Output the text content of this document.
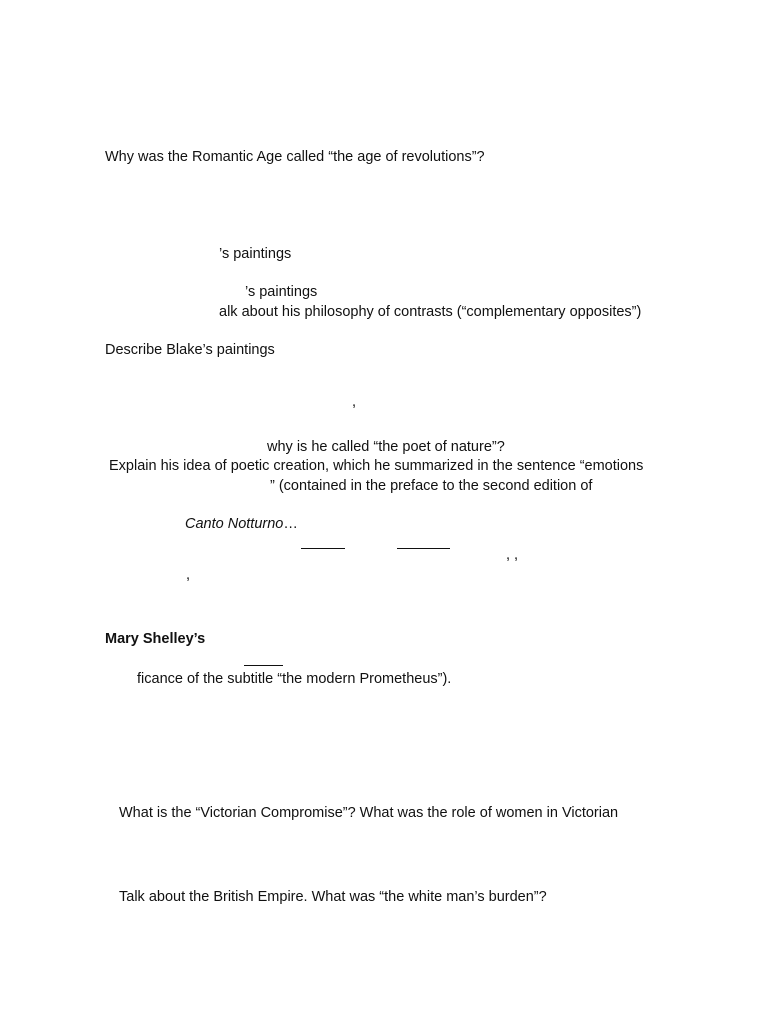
Why was the Romantic Age called “the age of revolutions”?

’s paintings

’s paintings

alk about his philosophy of contrasts (“complementary opposites”)

Describe Blake’s paintings

,

why is he called “the poet of nature”?

Explain his idea of poetic creation, which he summarized in the sentence “emotions

” (contained in the preface to the second edition of

Canto Notturno…

, ,

,

Mary Shelley’s

ficance of the subtitle “the modern Prometheus”).

What is the “Victorian Compromise”? What was the role of women in Victorian

Talk about the British Empire. What was “the white man’s burden”?
